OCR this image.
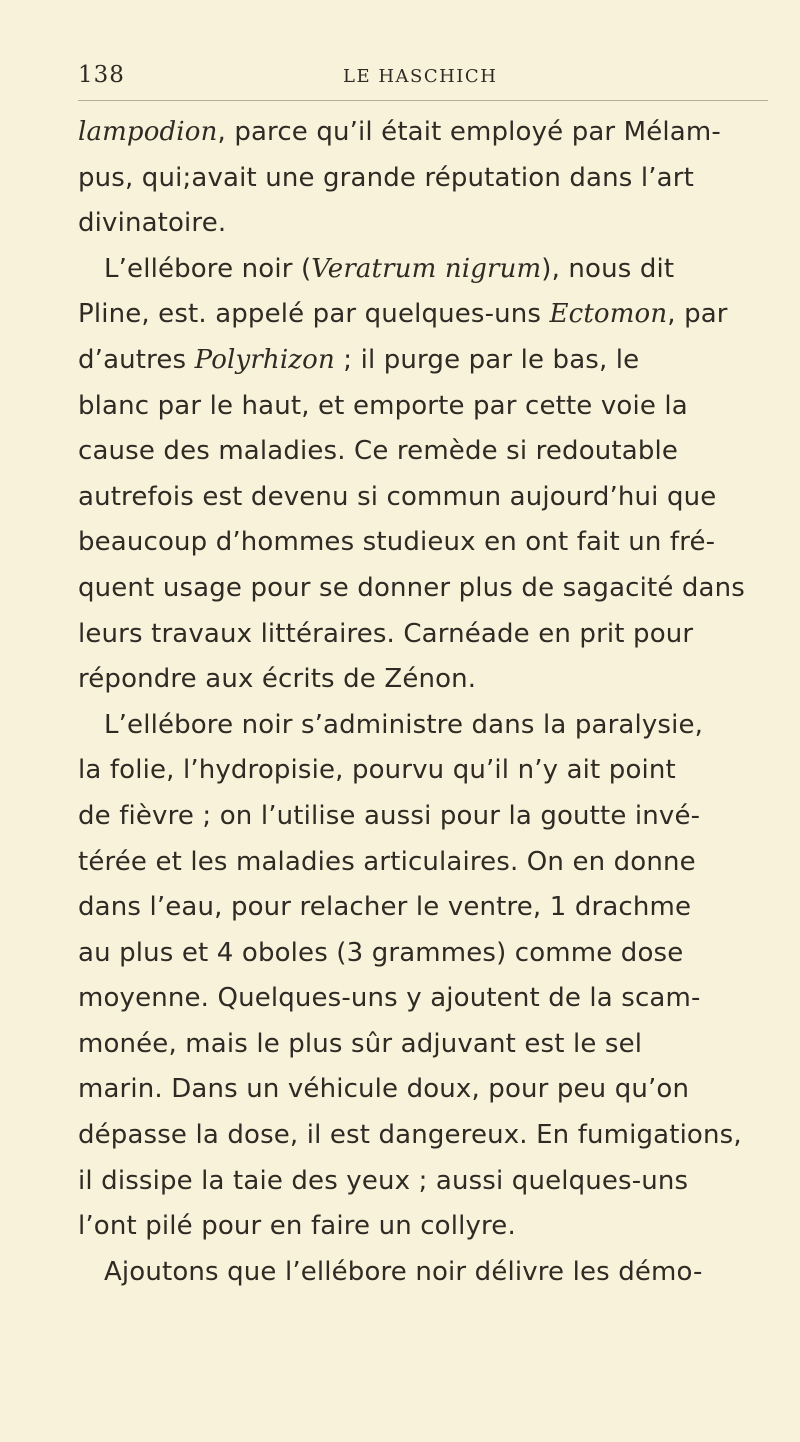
138	LE HASCHICH
lampodion, parce qu’il était employé par Mélam-
pus, qui;avait une grande réputation dans l’art
divinatoire.
L’ellébore noir (Veratrum nigrum), nous dit
Pline, est. appelé par quelques-uns Ectomon, par
d’autres Polyrhizon ; il purge par le bas, le
blanc par le haut, et emporte par cette voie la
cause des maladies. Ce remède si redoutable
autrefois est devenu si commun aujourd’hui que
beaucoup d’hommes studieux en ont fait un fré-
quent usage pour se donner plus de sagacité dans
leurs travaux littéraires. Carnéade en prit pour
répondre aux écrits de Zénon.
L’ellébore noir s’administre dans la paralysie,
la folie, l’hydropisie, pourvu qu’il n’y ait point
de fièvre ; on l’utilise aussi pour la goutte invé-
térée et les maladies articulaires. On en donne
dans l’eau, pour relacher le ventre, 1 drachme
au plus et 4 oboles (3 grammes) comme dose
moyenne. Quelques-uns y ajoutent de la scam-
monée, mais le plus sûr adjuvant est le sel
marin. Dans un véhicule doux, pour peu qu’on
dépasse la dose, il est dangereux. En fumigations,
il dissipe la taie des yeux ; aussi quelques-uns
l’ont pilé pour en faire un collyre.
Ajoutons que l’ellébore noir délivre les démo-
